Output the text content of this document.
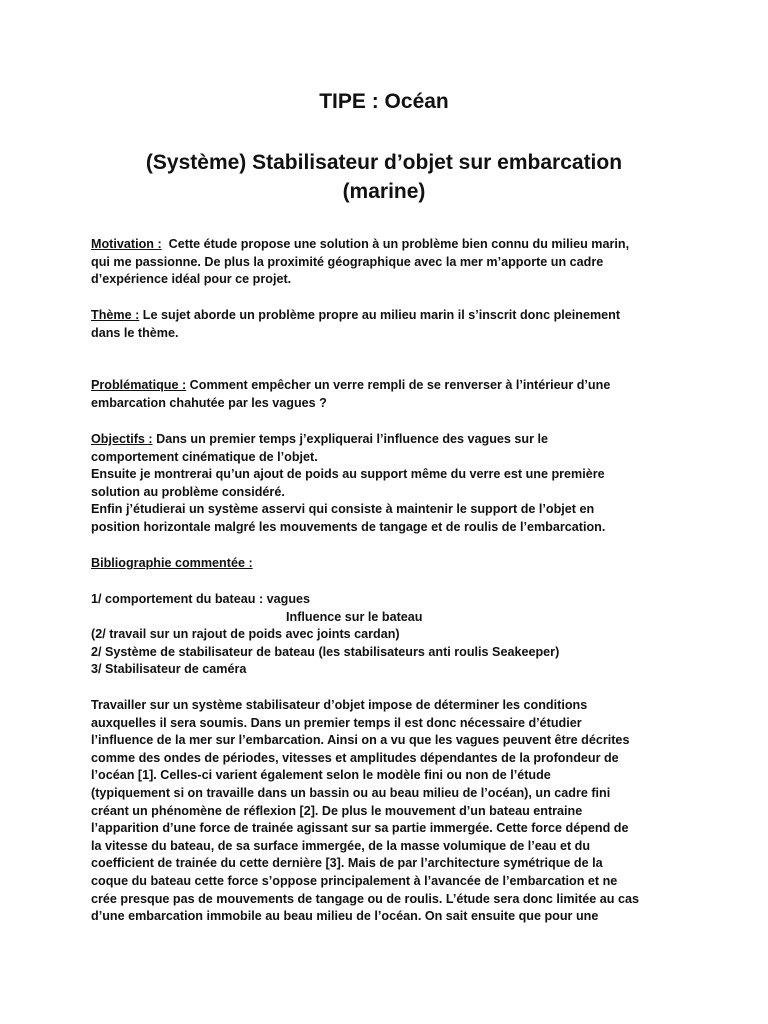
TIPE : Océan
(Système) Stabilisateur d’objet sur embarcation
(marine)
Motivation :  Cette étude propose une solution à un problème bien connu du milieu marin,
qui me passionne. De plus la proximité géographique avec la mer m’apporte un cadre
d’expérience idéal pour ce projet.
Thème : Le sujet aborde un problème propre au milieu marin il s’inscrit donc pleinement
dans le thème.
Problématique : Comment empêcher un verre rempli de se renverser à l’intérieur d’une
embarcation chahutée par les vagues ?
Objectifs : Dans un premier temps j’expliquerai l’influence des vagues sur le
comportement cinématique de l’objet.
Ensuite je montrerai qu’un ajout de poids au support même du verre est une première
solution au problème considéré.
Enfin j’étudierai un système asservi qui consiste à maintenir le support de l’objet en
position horizontale malgré les mouvements de tangage et de roulis de l’embarcation.
Bibliographie commentée :
1/ comportement du bateau : vagues
Influence sur le bateau
(2/ travail sur un rajout de poids avec joints cardan)
2/ Système de stabilisateur de bateau (les stabilisateurs anti roulis Seakeeper)
3/ Stabilisateur de caméra
Travailler sur un système stabilisateur d’objet impose de déterminer les conditions
auxquelles il sera soumis. Dans un premier temps il est donc nécessaire d’étudier
l’influence de la mer sur l’embarcation. Ainsi on a vu que les vagues peuvent être décrites
comme des ondes de périodes, vitesses et amplitudes dépendantes de la profondeur de
l’océan [1]. Celles-ci varient également selon le modèle fini ou non de l’étude
(typiquement si on travaille dans un bassin ou au beau milieu de l’océan), un cadre fini
créant un phénomène de réflexion [2]. De plus le mouvement d’un bateau entraine
l’apparition d’une force de trainée agissant sur sa partie immergée. Cette force dépend de
la vitesse du bateau, de sa surface immergée, de la masse volumique de l’eau et du
coefficient de trainée du cette dernière [3]. Mais de par l’architecture symétrique de la
coque du bateau cette force s’oppose principalement à l’avancée de l’embarcation et ne
crée presque pas de mouvements de tangage ou de roulis. L’étude sera donc limitée au cas
d’une embarcation immobile au beau milieu de l’océan. On sait ensuite que pour une
